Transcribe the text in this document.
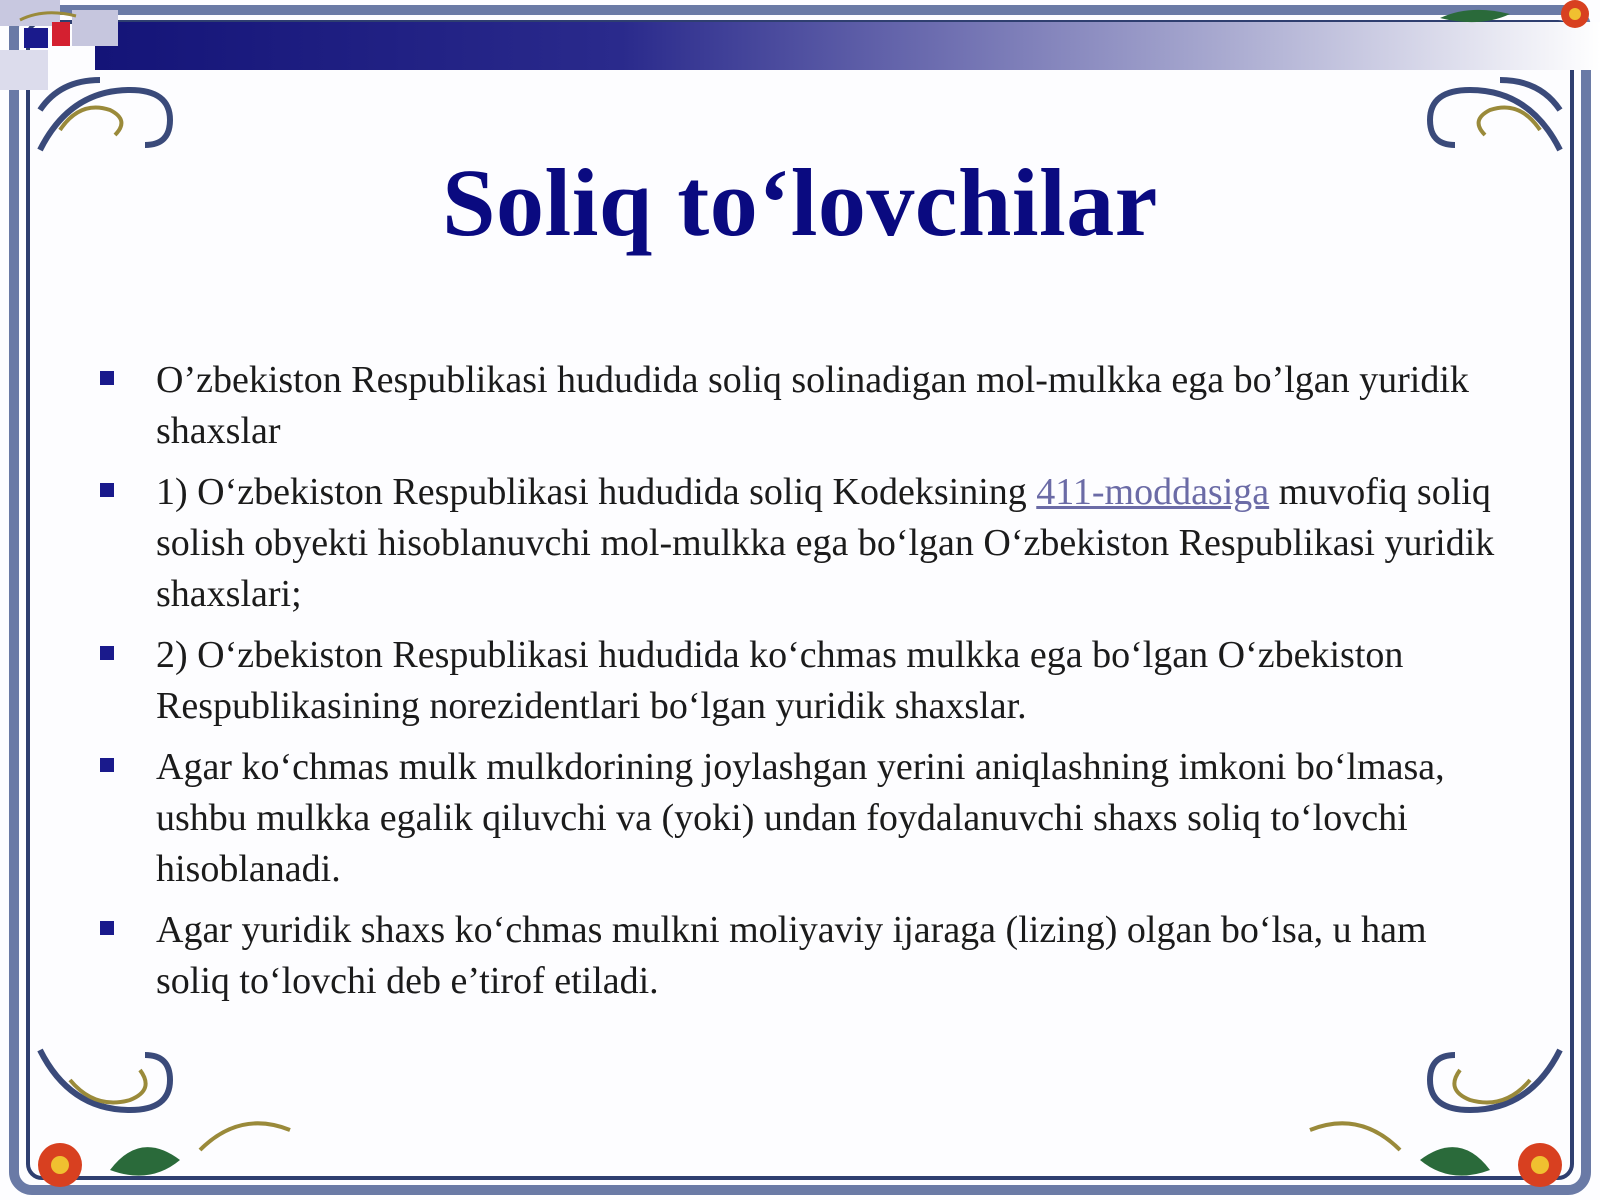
Soliq to‘lovchilar
O’zbekiston Respublikasi hududida soliq solinadigan mol-mulkka ega bo’lgan yuridik shaxslar
1) O‘zbekiston Respublikasi hududida soliq Kodeksining 411-moddasiga muvofiq soliq solish obyekti hisoblanuvchi mol-mulkka ega bo‘lgan O‘zbekiston Respublikasi yuridik shaxslari;
2) O‘zbekiston Respublikasi hududida ko‘chmas mulkka ega bo‘lgan O‘zbekiston Respublikasining norezidentlari bo‘lgan yuridik shaxslar.
Agar ko‘chmas mulk mulkdorining joylashgan yerini aniqlashning imkoni bo‘lmasa, ushbu mulkka egalik qiluvchi va (yoki) undan foydalanuvchi shaxs soliq to‘lovchi hisoblanadi.
Agar yuridik shaxs ko‘chmas mulkni moliyaviy ijaraga (lizing) olgan bo‘lsa, u ham soliq to‘lovchi deb e’tirof etiladi.
